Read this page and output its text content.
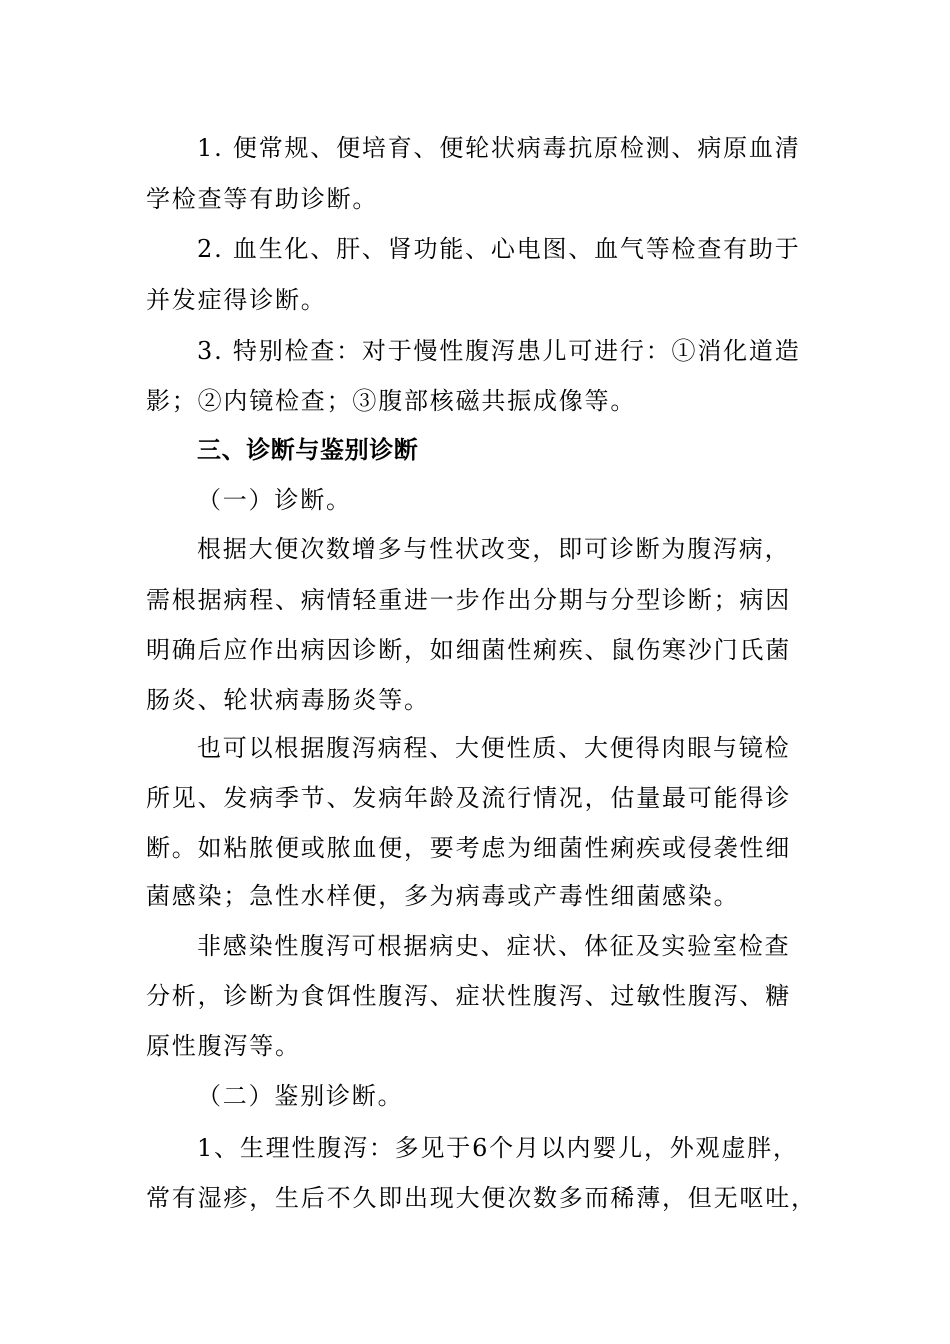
1. 便常规、便培育、便轮状病毒抗原检测、病原血清
学检查等有助诊断。
2. 血生化、肝、肾功能、心电图、血气等检查有助于
并发症得诊断。
3. 特别检查：对于慢性腹泻患儿可进行：①消化道造
影；②内镜检查；③腹部核磁共振成像等。
三、诊断与鉴别诊断
（一）诊断。
根据大便次数增多与性状改变，即可诊断为腹泻病，
需根据病程、病情轻重进一步作出分期与分型诊断；病因
明确后应作出病因诊断，如细菌性痢疾、鼠伤寒沙门氏菌
肠炎、轮状病毒肠炎等。
也可以根据腹泻病程、大便性质、大便得肉眼与镜检
所见、发病季节、发病年龄及流行情况，估量最可能得诊
断。如粘脓便或脓血便，要考虑为细菌性痢疾或侵袭性细
菌感染；急性水样便，多为病毒或产毒性细菌感染。
非感染性腹泻可根据病史、症状、体征及实验室检查
分析，诊断为食饵性腹泻、症状性腹泻、过敏性腹泻、糖
原性腹泻等。
（二）鉴别诊断。
1、生理性腹泻：多见于6个月以内婴儿，外观虚胖，
常有湿疹，生后不久即出现大便次数多而稀薄，但无呕吐，
